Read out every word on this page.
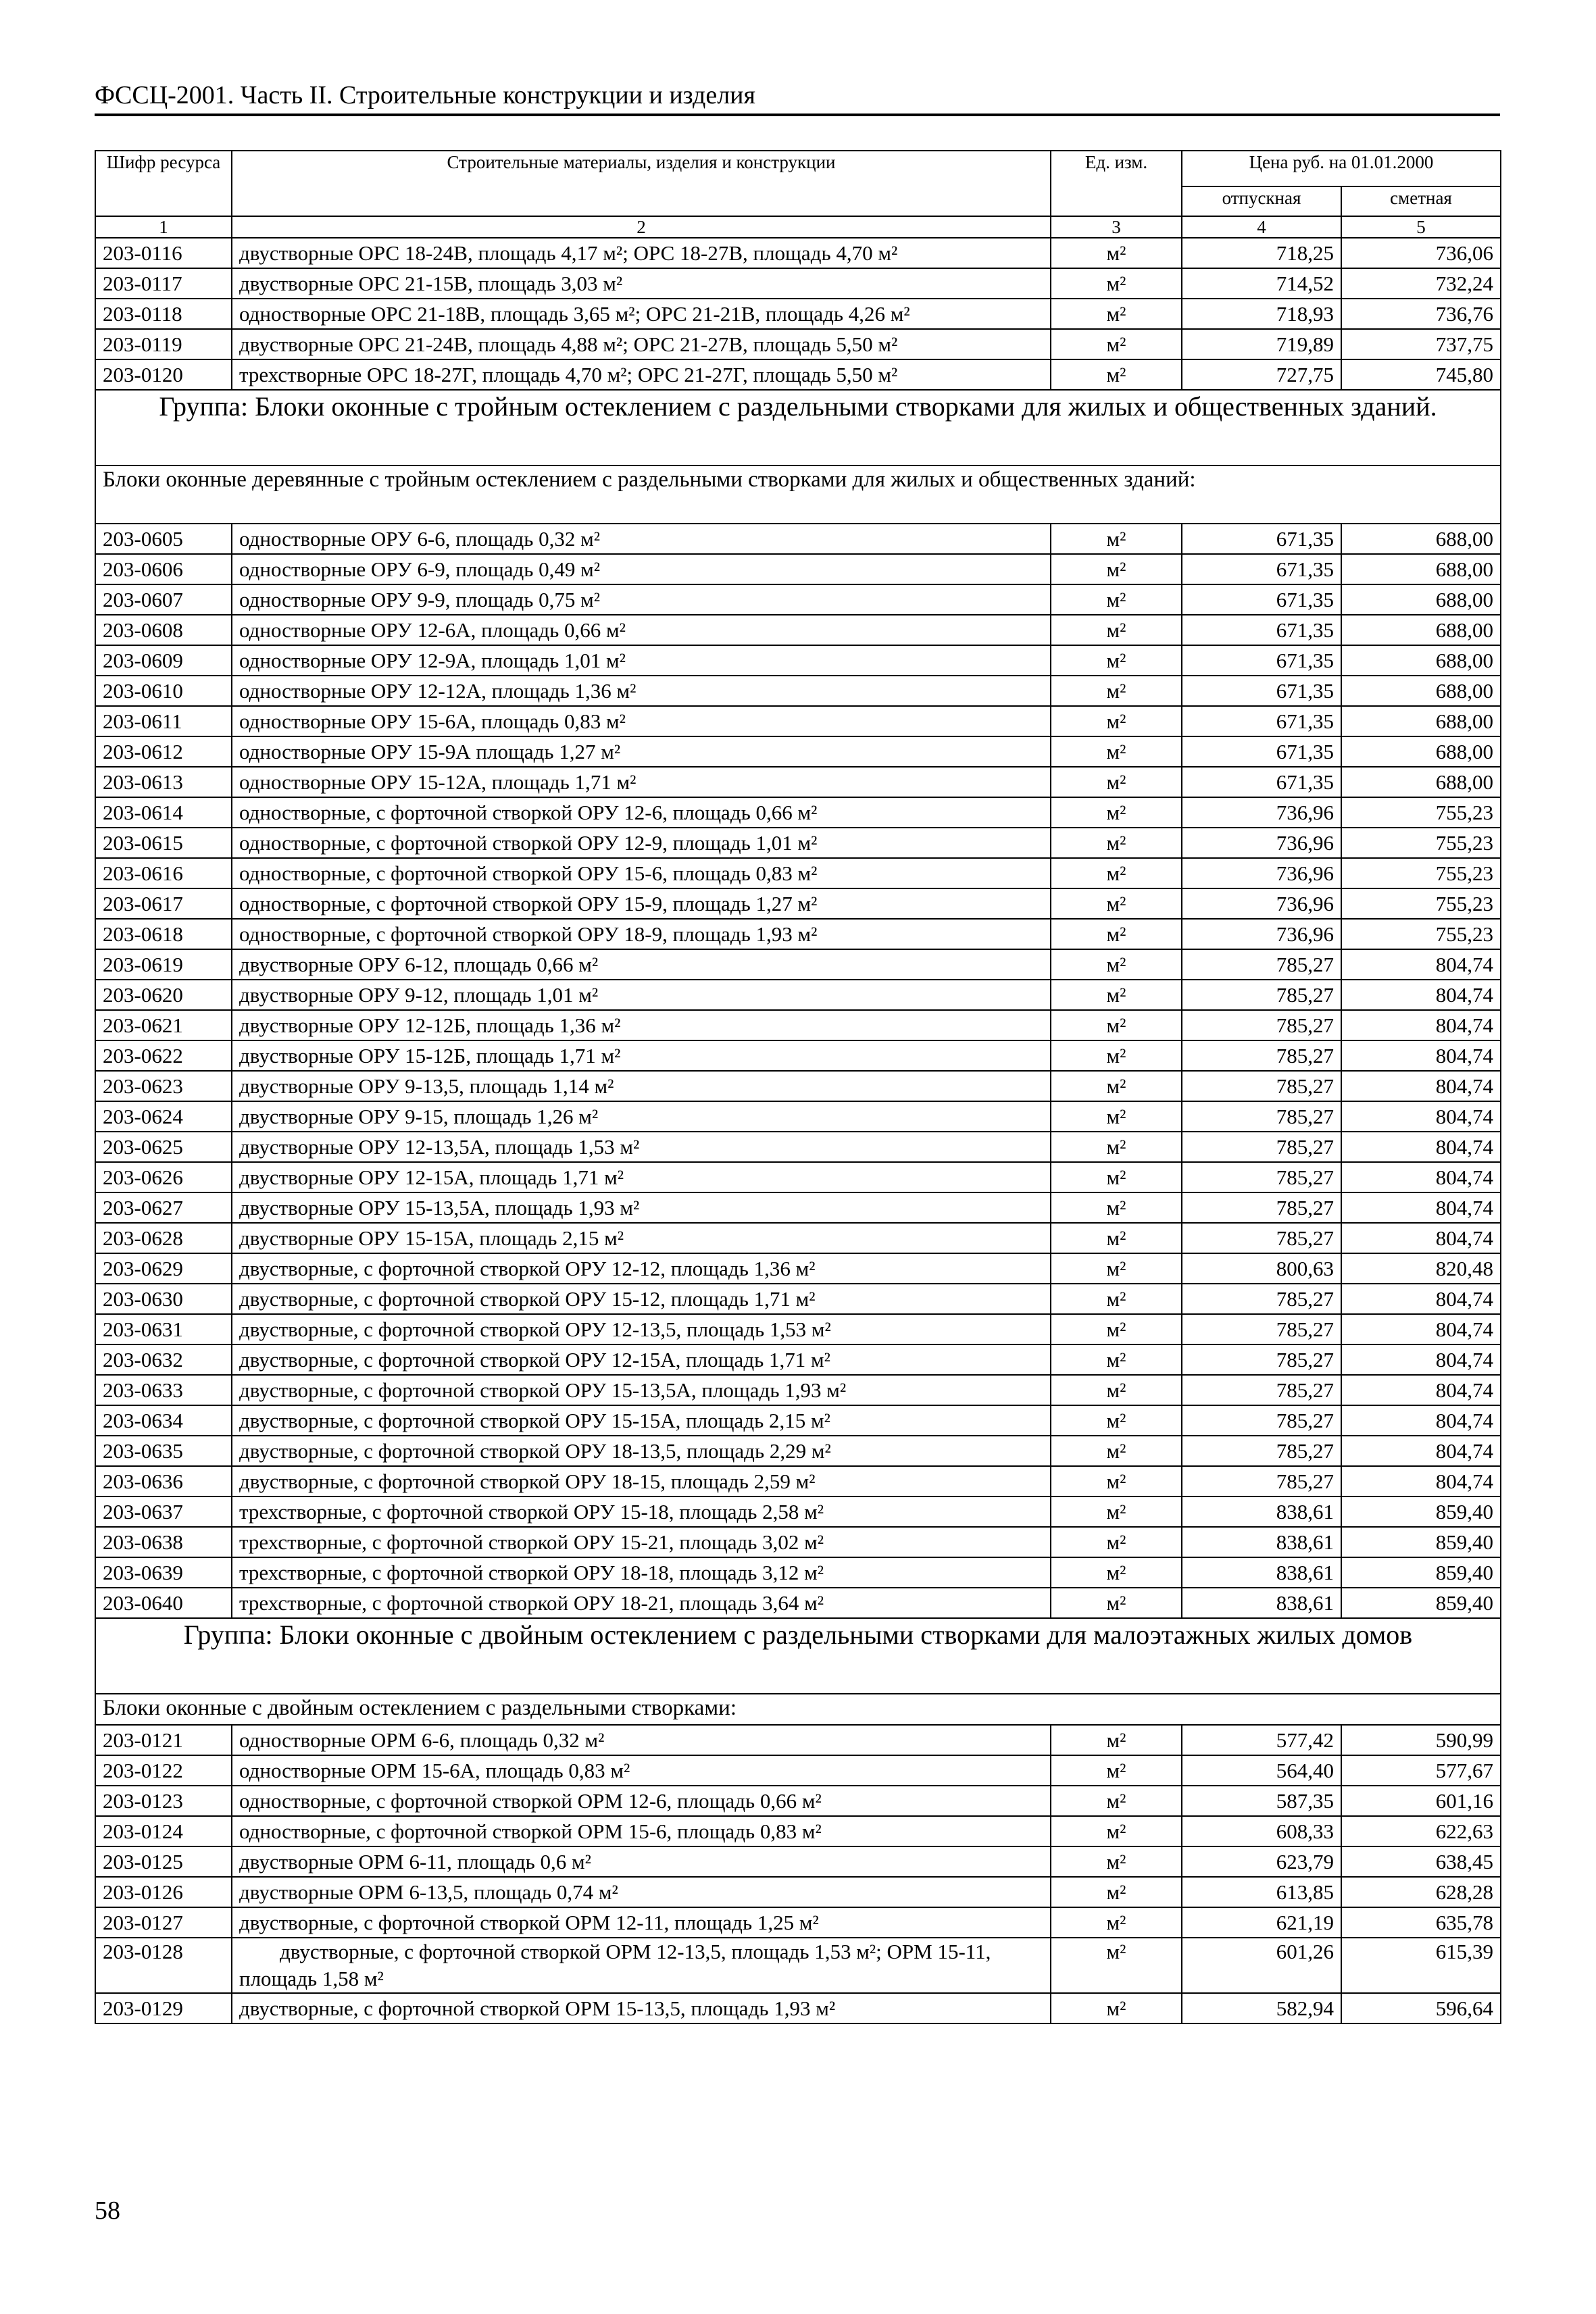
ФССЦ-2001. Часть II. Строительные конструкции и изделия
Шифр ресурса	Строительные материалы, изделия и конструкции	Ед. изм.	Цена руб. на 01.01.2000	
			отпускная	сметная
1	2	3	4	5
203-0116	двустворные ОРС 18-24В, площадь 4,17 м²; ОРС 18-27В, площадь 4,70 м²	м²	718,25	736,06
203-0117	двустворные ОРС 21-15В, площадь 3,03 м²	м²	714,52	732,24
203-0118	одностворные ОРС 21-18В, площадь 3,65 м²; ОРС 21-21В, площадь 4,26 м²	м²	718,93	736,76
203-0119	двустворные ОРС 21-24В, площадь 4,88 м²; ОРС 21-27В, площадь 5,50 м²	м²	719,89	737,75
203-0120	трехстворные ОРС 18-27Г, площадь 4,70 м²; ОРС 21-27Г, площадь 5,50 м²	м²	727,75	745,80
Группа: Блоки оконные с тройным остеклением с раздельными створками для жилых и общественных зданий.				
Блоки оконные деревянные с тройным остеклением с раздельными створками для жилых и общественных зданий:				
203-0605	одностворные ОРУ 6-6, площадь 0,32 м²	м²	671,35	688,00
203-0606	одностворные ОРУ 6-9, площадь 0,49 м²	м²	671,35	688,00
203-0607	одностворные ОРУ 9-9, площадь 0,75 м²	м²	671,35	688,00
203-0608	одностворные ОРУ 12-6А, площадь 0,66 м²	м²	671,35	688,00
203-0609	одностворные ОРУ 12-9А, площадь 1,01 м²	м²	671,35	688,00
203-0610	одностворные ОРУ 12-12А, площадь 1,36 м²	м²	671,35	688,00
203-0611	одностворные ОРУ 15-6А, площадь 0,83 м²	м²	671,35	688,00
203-0612	одностворные ОРУ 15-9А площадь 1,27 м²	м²	671,35	688,00
203-0613	одностворные ОРУ 15-12А, площадь 1,71 м²	м²	671,35	688,00
203-0614	одностворные, с форточной створкой ОРУ 12-6, площадь 0,66 м²	м²	736,96	755,23
203-0615	одностворные, с форточной створкой ОРУ 12-9, площадь 1,01 м²	м²	736,96	755,23
203-0616	одностворные, с форточной створкой ОРУ 15-6, площадь 0,83 м²	м²	736,96	755,23
203-0617	одностворные, с форточной створкой ОРУ 15-9, площадь 1,27 м²	м²	736,96	755,23
203-0618	одностворные, с форточной створкой ОРУ 18-9, площадь 1,93 м²	м²	736,96	755,23
203-0619	двустворные ОРУ 6-12, площадь 0,66 м²	м²	785,27	804,74
203-0620	двустворные ОРУ 9-12, площадь 1,01 м²	м²	785,27	804,74
203-0621	двустворные ОРУ 12-12Б, площадь 1,36 м²	м²	785,27	804,74
203-0622	двустворные ОРУ 15-12Б, площадь 1,71 м²	м²	785,27	804,74
203-0623	двустворные ОРУ 9-13,5, площадь 1,14 м²	м²	785,27	804,74
203-0624	двустворные ОРУ 9-15, площадь 1,26 м²	м²	785,27	804,74
203-0625	двустворные ОРУ 12-13,5А, площадь 1,53 м²	м²	785,27	804,74
203-0626	двустворные ОРУ 12-15А, площадь 1,71 м²	м²	785,27	804,74
203-0627	двустворные ОРУ 15-13,5А, площадь 1,93 м²	м²	785,27	804,74
203-0628	двустворные ОРУ 15-15А, площадь 2,15 м²	м²	785,27	804,74
203-0629	двустворные, с форточной створкой ОРУ 12-12, площадь 1,36 м²	м²	800,63	820,48
203-0630	двустворные, с форточной створкой ОРУ 15-12, площадь 1,71 м²	м²	785,27	804,74
203-0631	двустворные, с форточной створкой ОРУ 12-13,5, площадь 1,53 м²	м²	785,27	804,74
203-0632	двустворные, с форточной створкой ОРУ 12-15А, площадь 1,71 м²	м²	785,27	804,74
203-0633	двустворные, с форточной створкой ОРУ 15-13,5А, площадь 1,93 м²	м²	785,27	804,74
203-0634	двустворные, с форточной створкой ОРУ 15-15А, площадь 2,15 м²	м²	785,27	804,74
203-0635	двустворные, с форточной створкой ОРУ 18-13,5, площадь 2,29 м²	м²	785,27	804,74
203-0636	двустворные, с форточной створкой ОРУ 18-15, площадь 2,59 м²	м²	785,27	804,74
203-0637	трехстворные, с форточной створкой ОРУ 15-18, площадь 2,58 м²	м²	838,61	859,40
203-0638	трехстворные, с форточной створкой ОРУ 15-21, площадь 3,02 м²	м²	838,61	859,40
203-0639	трехстворные, с форточной створкой ОРУ 18-18, площадь 3,12 м²	м²	838,61	859,40
203-0640	трехстворные, с форточной створкой ОРУ 18-21, площадь 3,64 м²	м²	838,61	859,40
Группа: Блоки оконные с двойным остеклением с раздельными створками для малоэтажных жилых домов				
Блоки оконные с двойным остеклением с раздельными створками:				
203-0121	одностворные ОРМ 6-6, площадь 0,32 м²	м²	577,42	590,99
203-0122	одностворные ОРМ 15-6А, площадь 0,83 м²	м²	564,40	577,67
203-0123	одностворные, с форточной створкой ОРМ 12-6, площадь 0,66 м²	м²	587,35	601,16
203-0124	одностворные, с форточной створкой ОРМ 15-6, площадь 0,83 м²	м²	608,33	622,63
203-0125	двустворные ОРМ 6-11, площадь 0,6 м²	м²	623,79	638,45
203-0126	двустворные ОРМ 6-13,5, площадь 0,74 м²	м²	613,85	628,28
203-0127	двустворные, с форточной створкой ОРМ 12-11, площадь 1,25 м²	м²	621,19	635,78
203-0128	двустворные, с форточной створкой ОРМ 12-13,5, площадь 1,53 м²; ОРМ 15-11, площадь 1,58 м²	м²	601,26	615,39
203-0129	двустворные, с форточной створкой ОРМ 15-13,5, площадь 1,93 м²	м²	582,94	596,64
58
